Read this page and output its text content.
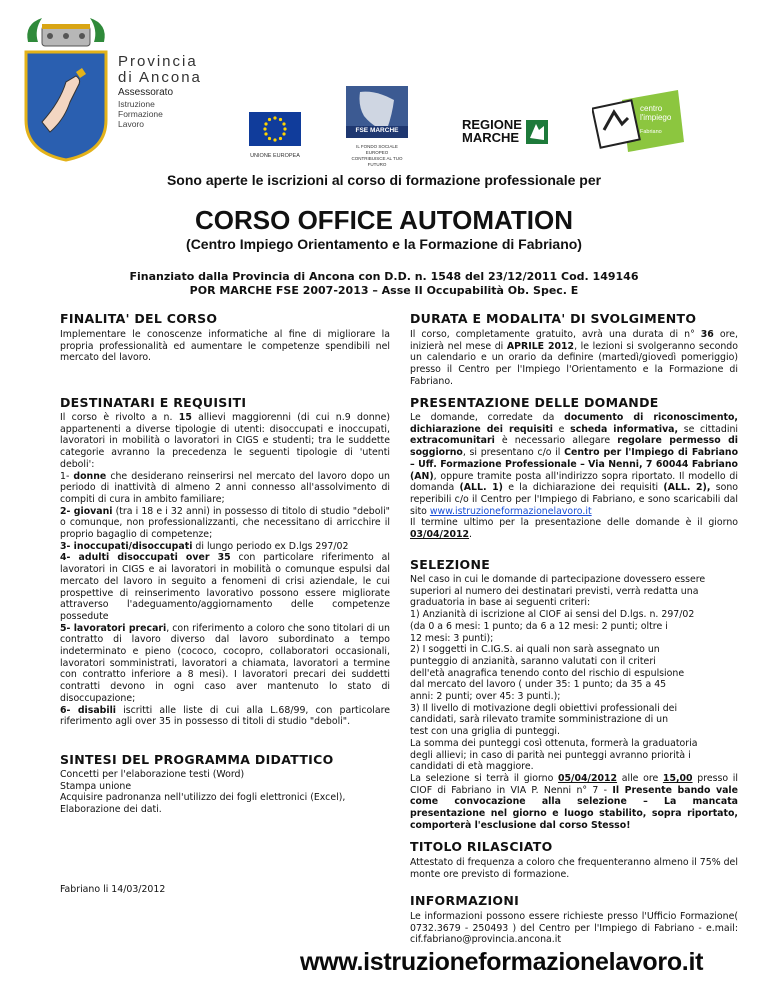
Provincia
di Ancona
Assessorato
Istruzione
Formazione
Lavoro
UNIONE EUROPEA
FSE MARCHE
IL FONDO SOCIALE EUROPEO
CONTRIBUISCE AL TUO FUTURO
REGIONE
MARCHE
centro
l'impiego
Fabriano
Sono aperte le iscrizioni al corso di formazione professionale per
CORSO OFFICE AUTOMATION
(Centro Impiego Orientamento e la Formazione di Fabriano)
Finanziato dalla Provincia di Ancona con D.D. n. 1548 del 23/12/2011 Cod. 149146
POR MARCHE FSE 2007-2013 – Asse II Occupabilità Ob. Spec. E
FINALITA' DEL CORSO
Implementare le conoscenze informatiche al fine di migliorare la propria professionalità ed aumentare le competenze spendibili nel mercato del lavoro.
DESTINATARI E REQUISITI
Il corso è rivolto a n. 15 allievi maggiorenni (di cui n.9 donne) appartenenti a diverse tipologie di utenti: disoccupati e inoccupati, lavoratori in mobilità o lavoratori in CIGS e studenti; tra le suddette categorie avranno la precedenza le seguenti tipologie di 'utenti deboli':
1- donne che desiderano reinserirsi nel mercato del lavoro dopo un periodo di inattività di almeno 2 anni connesso all'assolvimento di compiti di cura in ambito familiare;
2- giovani (tra i 18 e i 32 anni) in possesso di titolo di studio "deboli" o comunque, non professionalizzanti, che necessitano di arricchire il proprio bagaglio di competenze;
3- inoccupati/disoccupati di lungo periodo ex D.lgs 297/02
4- adulti disoccupati over 35 con particolare riferimento al lavoratori in CIGS e ai lavoratori in mobilità o comunque espulsi dal mercato del lavoro in seguito a fenomeni di crisi aziendale, le cui prospettive di reinserimento lavorativo possono essere migliorate attraverso l'adeguamento/aggiornamento delle competenze possedute
5- lavoratori precari, con riferimento a coloro che sono titolari di un contratto di lavoro diverso dal lavoro subordinato a tempo indeterminato e pieno (cococo, cocopro, collaboratori occasionali, lavoratori somministrati, lavoratori a chiamata, lavoratori a termine con contratto inferiore a 8 mesi). I lavoratori precari dei suddetti contratti devono in ogni caso aver mantenuto lo stato di disoccupazione;
6- disabili iscritti alle liste di cui alla L.68/99, con particolare riferimento agli over 35 in possesso di titoli di studio "deboli".
SINTESI DEL PROGRAMMA DIDATTICO
Concetti per l'elaborazione testi (Word)
Stampa unione
Acquisire padronanza nell'utilizzo dei fogli elettronici (Excel),
Elaborazione dei dati.
Fabriano li 14/03/2012
DURATA E MODALITA' DI SVOLGIMENTO
Il corso, completamente gratuito, avrà una durata di n° 36 ore, inizierà nel mese di APRILE 2012, le lezioni si svolgeranno secondo un calendario e un orario da definire (martedì/giovedì pomeriggio) presso il Centro per l'Impiego l'Orientamento e la Formazione di Fabriano.
PRESENTAZIONE DELLE DOMANDE
Le domande, corredate da documento di riconoscimento, dichiarazione dei requisiti e scheda informativa, se cittadini extracomunitari è necessario allegare regolare permesso di soggiorno, si presentano c/o il Centro per l'Impiego di Fabriano – Uff. Formazione Professionale – Via Nenni, 7 60044 Fabriano (AN), oppure tramite posta all'indirizzo sopra riportato. Il modello di domanda (ALL. 1) e la dichiarazione dei requisiti (ALL. 2), sono reperibili c/o il Centro per l'Impiego di Fabriano, e sono scaricabili dal sito www.istruzioneformazionelavoro.it
Il termine ultimo per la presentazione delle domande è il giorno 03/04/2012.
SELEZIONE
Nel caso in cui le domande di partecipazione dovessero essere
superiori al numero dei destinatari previsti, verrà redatta una
graduatoria in base ai seguenti criteri:
1) Anzianità di iscrizione al CIOF ai sensi del D.lgs. n. 297/02
(da 0 a 6 mesi: 1 punto; da 6 a 12 mesi: 2 punti; oltre i
12 mesi: 3 punti);
2) I soggetti in C.IG.S. ai quali non sarà assegnato un
punteggio di anzianità, saranno valutati con il criteri
dell'età anagrafica tenendo conto del rischio di espulsione
dal mercato del lavoro ( under 35: 1 punto; da 35 a 45
anni: 2 punti; over 45: 3 punti.);
3) Il livello di motivazione degli obiettivi professionali dei
candidati, sarà rilevato tramite somministrazione di un
test con una griglia di punteggi.
La somma dei punteggi così ottenuta, formerà la graduatoria
degli allievi; in caso di parità nei punteggi avranno priorità i
candidati di età maggiore.
La selezione si terrà il giorno 05/04/2012 alle ore 15,00 presso il CIOF di Fabriano in VIA P. Nenni n° 7 - Il Presente bando vale come convocazione alla selezione – La mancata presentazione nel giorno e luogo stabilito, sopra riportato, comporterà l'esclusione dal corso Stesso!
TITOLO RILASCIATO
Attestato di frequenza a coloro che frequenteranno almeno il 75% del monte ore previsto di formazione.
INFORMAZIONI
Le informazioni possono essere richieste presso l'Ufficio Formazione( 0732.3679 - 250493 ) del Centro per l'Impiego di Fabriano - e.mail: cif.fabriano@provincia.ancona.it
www.istruzioneformazionelavoro.it
